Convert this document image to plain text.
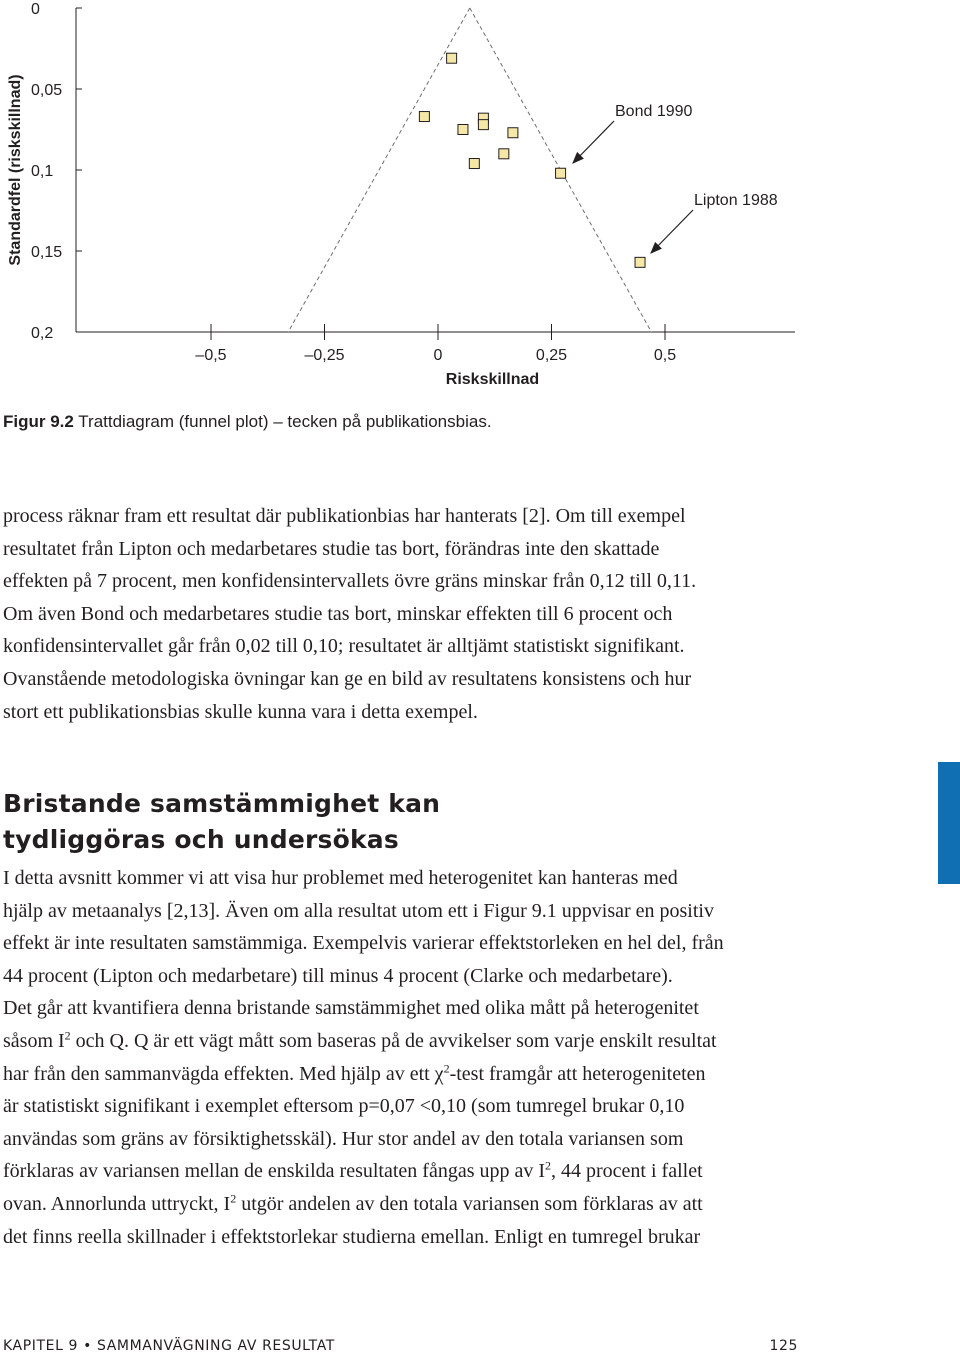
0
0,05
0,1
0,15
0,2
–0,5	–0,25	0	0,25	0,5
Riskskillnad
Standardfel (riskskillnad)	Bond 1990
Lipton 1988
Figur 9.2 Trattdiagram (funnel plot) – tecken på publikationsbias.

process räknar fram ett resultat där publikationbias har hanterats [2]. Om till exempel
resultatet från Lipton och medarbetares studie tas bort, förändras inte den skattade
effekten på 7 procent, men konfidensintervallets övre gräns minskar från 0,12 till 0,11.
Om även Bond och medarbetares studie tas bort, minskar effekten till 6 procent och
konfidensintervallet går från 0,02 till 0,10; resultatet är alltjämt statistiskt signifikant.
Ovanstående metodologiska övningar kan ge en bild av resultatens konsistens och hur
stort ett publikationsbias skulle kunna vara i detta exempel.

Bristande samstämmighet kan
tydliggöras och undersökas

I detta avsnitt kommer vi att visa hur problemet med heterogenitet kan hanteras med
hjälp av metaanalys [2,13]. Även om alla resultat utom ett i Figur 9.1 uppvisar en positiv
effekt är inte resultaten samstämmiga. Exempelvis varierar effektstorleken en hel del, från
44 procent (Lipton och medarbetare) till minus 4 procent (Clarke och medarbetare).
Det går att kvantifiera denna bristande samstämmighet med olika mått på heterogenitet
såsom $I^2$ och Q. Q är ett vägt mått som baseras på de avvikelser som varje enskilt resultat
har från den sammanvägda effekten. Med hjälp av ett $\chi^2$-test framgår att heterogeniteten
är statistiskt signifikant i exemplet eftersom p=0,07 <0,10 (som tumregel brukar 0,10
användas som gräns av försiktighetsskäl). Hur stor andel av den totala variansen som
förklaras av variansen mellan de enskilda resultaten fångas upp av $I^2$, 44 procent i fallet
ovan. Annorlunda uttryckt, $I^2$ utgör andelen av den totala variansen som förklaras av att
det finns reella skillnader i effektstorlekar studierna emellan. Enligt en tumregel brukar

KAPITEL 9 • SAMMANVÄGNING AV RESULTAT	125
